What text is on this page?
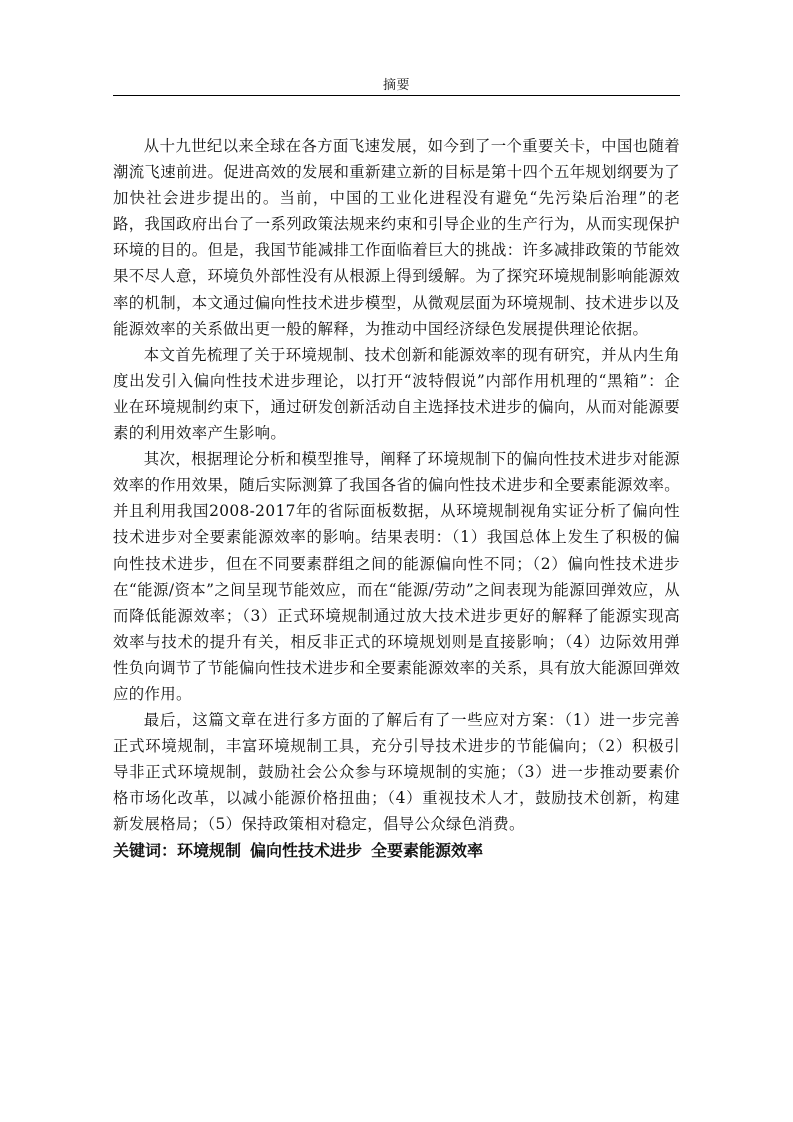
摘要

从十九世纪以来全球在各方面飞速发展，如今到了一个重要关卡，中国也随着潮流飞速前进。促进高效的发展和重新建立新的目标是第十四个五年规划纲要为了加快社会进步提出的。当前，中国的工业化进程没有避免“先污染后治理”的老路，我国政府出台了一系列政策法规来约束和引导企业的生产行为，从而实现保护环境的目的。但是，我国节能减排工作面临着巨大的挑战：许多减排政策的节能效果不尽人意，环境负外部性没有从根源上得到缓解。为了探究环境规制影响能源效率的机制，本文通过偏向性技术进步模型，从微观层面为环境规制、技术进步以及能源效率的关系做出更一般的解释，为推动中国经济绿色发展提供理论依据。

本文首先梳理了关于环境规制、技术创新和能源效率的现有研究，并从内生角度出发引入偏向性技术进步理论，以打开“波特假说”内部作用机理的“黑箱”：企业在环境规制约束下，通过研发创新活动自主选择技术进步的偏向，从而对能源要素的利用效率产生影响。

其次，根据理论分析和模型推导，阐释了环境规制下的偏向性技术进步对能源效率的作用效果，随后实际测算了我国各省的偏向性技术进步和全要素能源效率。并且利用我国2008-2017年的省际面板数据，从环境规制视角实证分析了偏向性技术进步对全要素能源效率的影响。结果表明：（1）我国总体上发生了积极的偏向性技术进步，但在不同要素群组之间的能源偏向性不同；（2）偏向性技术进步在“能源/资本”之间呈现节能效应，而在“能源/劳动”之间表现为能源回弹效应，从而降低能源效率；（3）正式环境规制通过放大技术进步更好的解释了能源实现高效率与技术的提升有关，相反非正式的环境规划则是直接影响；（4）边际效用弹性负向调节了节能偏向性技术进步和全要素能源效率的关系，具有放大能源回弹效应的作用。

最后，这篇文章在进行多方面的了解后有了一些应对方案：（1）进一步完善正式环境规制，丰富环境规制工具，充分引导技术进步的节能偏向；（2）积极引导非正式环境规制，鼓励社会公众参与环境规制的实施；（3）进一步推动要素价格市场化改革，以减小能源价格扭曲；（4）重视技术人才，鼓励技术创新，构建新发展格局；（5）保持政策相对稳定，倡导公众绿色消费。

关键词：环境规制 偏向性技术进步 全要素能源效率
